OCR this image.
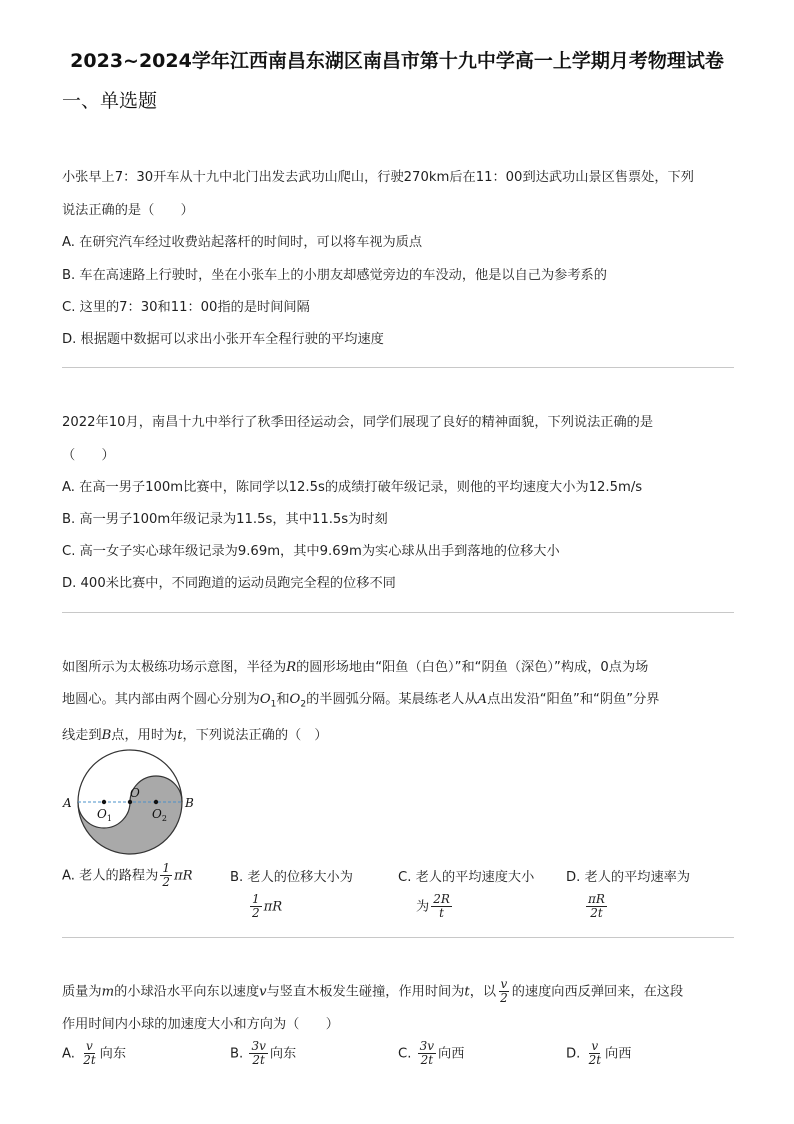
2023~2024学年江西南昌东湖区南昌市第十九中学高一上学期月考物理试卷
一、单选题
小张早上7：30开车从十九中北门出发去武功山爬山，行驶270km后在11：00到达武功山景区售票处，下列
说法正确的是（　　）
A. 在研究汽车经过收费站起落杆的时间时，可以将车视为质点
B. 车在高速路上行驶时，坐在小张车上的小朋友却感觉旁边的车没动，他是以自己为参考系的
C. 这里的7：30和11：00指的是时间间隔
D. 根据题中数据可以求出小张开车全程行驶的平均速度
2022年10月，南昌十九中举行了秋季田径运动会，同学们展现了良好的精神面貌，下列说法正确的是
（　　）
A. 在高一男子100m比赛中，陈同学以12.5s的成绩打破年级记录，则他的平均速度大小为12.5m/s
B. 高一男子100m年级记录为11.5s，其中11.5s为时刻
C. 高一女子实心球年级记录为9.69m，其中9.69m为实心球从出手到落地的位移大小
D. 400米比赛中，不同跑道的运动员跑完全程的位移不同
如图所示为太极练功场示意图，半径为R的圆形场地由“阳鱼（白色）”和“阴鱼（深色）”构成，0点为场
地圆心。其内部由两个圆心分别为$O_1$和$O_2$的半圆弧分隔。某晨练老人从A点出发沿“阳鱼”和“阴鱼”分界
线走到B点，用时为t，下列说法正确的（　）
A	B
O
$O_1$	$O_2$
A. 老人的路程为 $\frac{1}{2}$ πR	B. 老人的位移大小为
$\frac{1}{2}$ πR
C. 老人的平均速度大小
为 $\frac{2R}{t}$
D. 老人的平均速率为
$\frac{\pi R}{2t}$
质量为m的小球沿水平向东以速度v与竖直木板发生碰撞，作用时间为t，以 $\frac{v}{2}$ 的速度向西反弹回来，在这段
作用时间内小球的加速度大小和方向为（　　）
A. $\frac{v}{2t}$ 向东	B. $\frac{3v}{2t}$ 向东	C. $\frac{3v}{2t}$ 向西	D. $\frac{v}{2t}$ 向西
